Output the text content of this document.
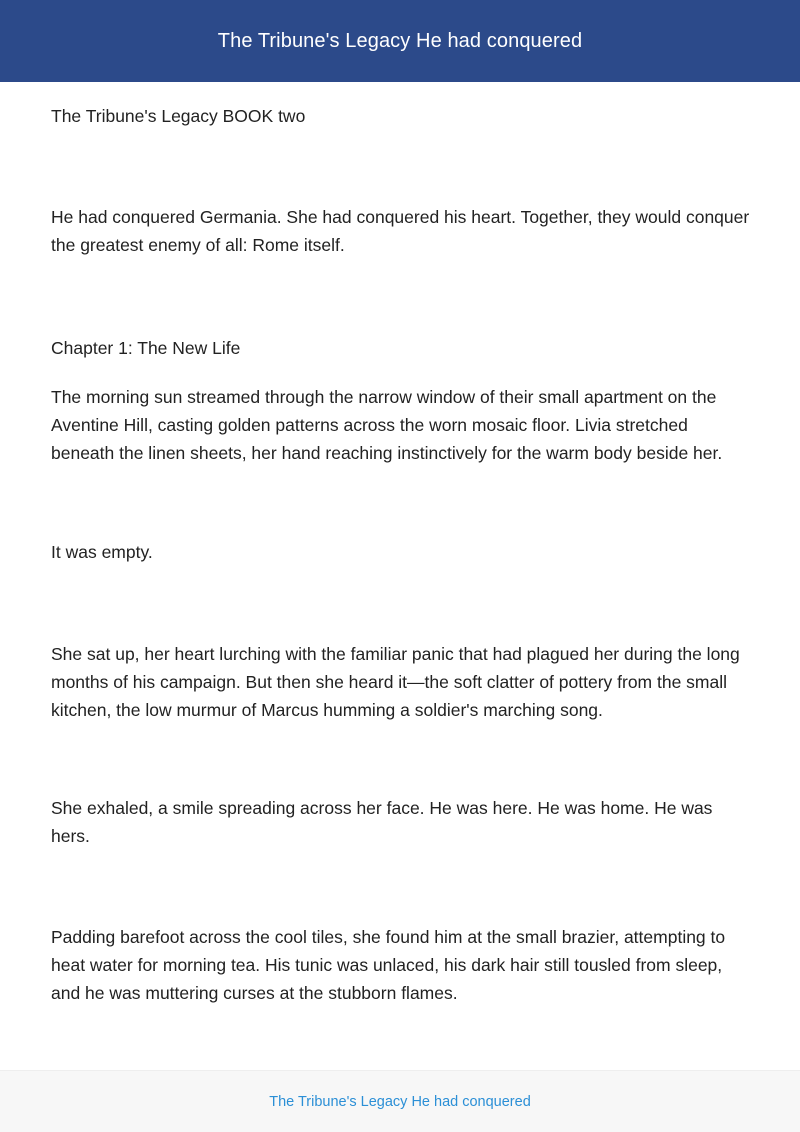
The Tribune's Legacy He had conquered

The Tribune's Legacy BOOK two

He had conquered Germania. She had conquered his heart. Together, they would conquer the greatest enemy of all: Rome itself.

Chapter 1: The New Life

The morning sun streamed through the narrow window of their small apartment on the Aventine Hill, casting golden patterns across the worn mosaic floor. Livia stretched beneath the linen sheets, her hand reaching instinctively for the warm body beside her.

It was empty.

She sat up, her heart lurching with the familiar panic that had plagued her during the long months of his campaign. But then she heard it—the soft clatter of pottery from the small kitchen, the low murmur of Marcus humming a soldier's marching song.

She exhaled, a smile spreading across her face. He was here. He was home. He was hers.

Padding barefoot across the cool tiles, she found him at the small brazier, attempting to heat water for morning tea. His tunic was unlaced, his dark hair still tousled from sleep, and he was muttering curses at the stubborn flames.

The Tribune's Legacy He had conquered
